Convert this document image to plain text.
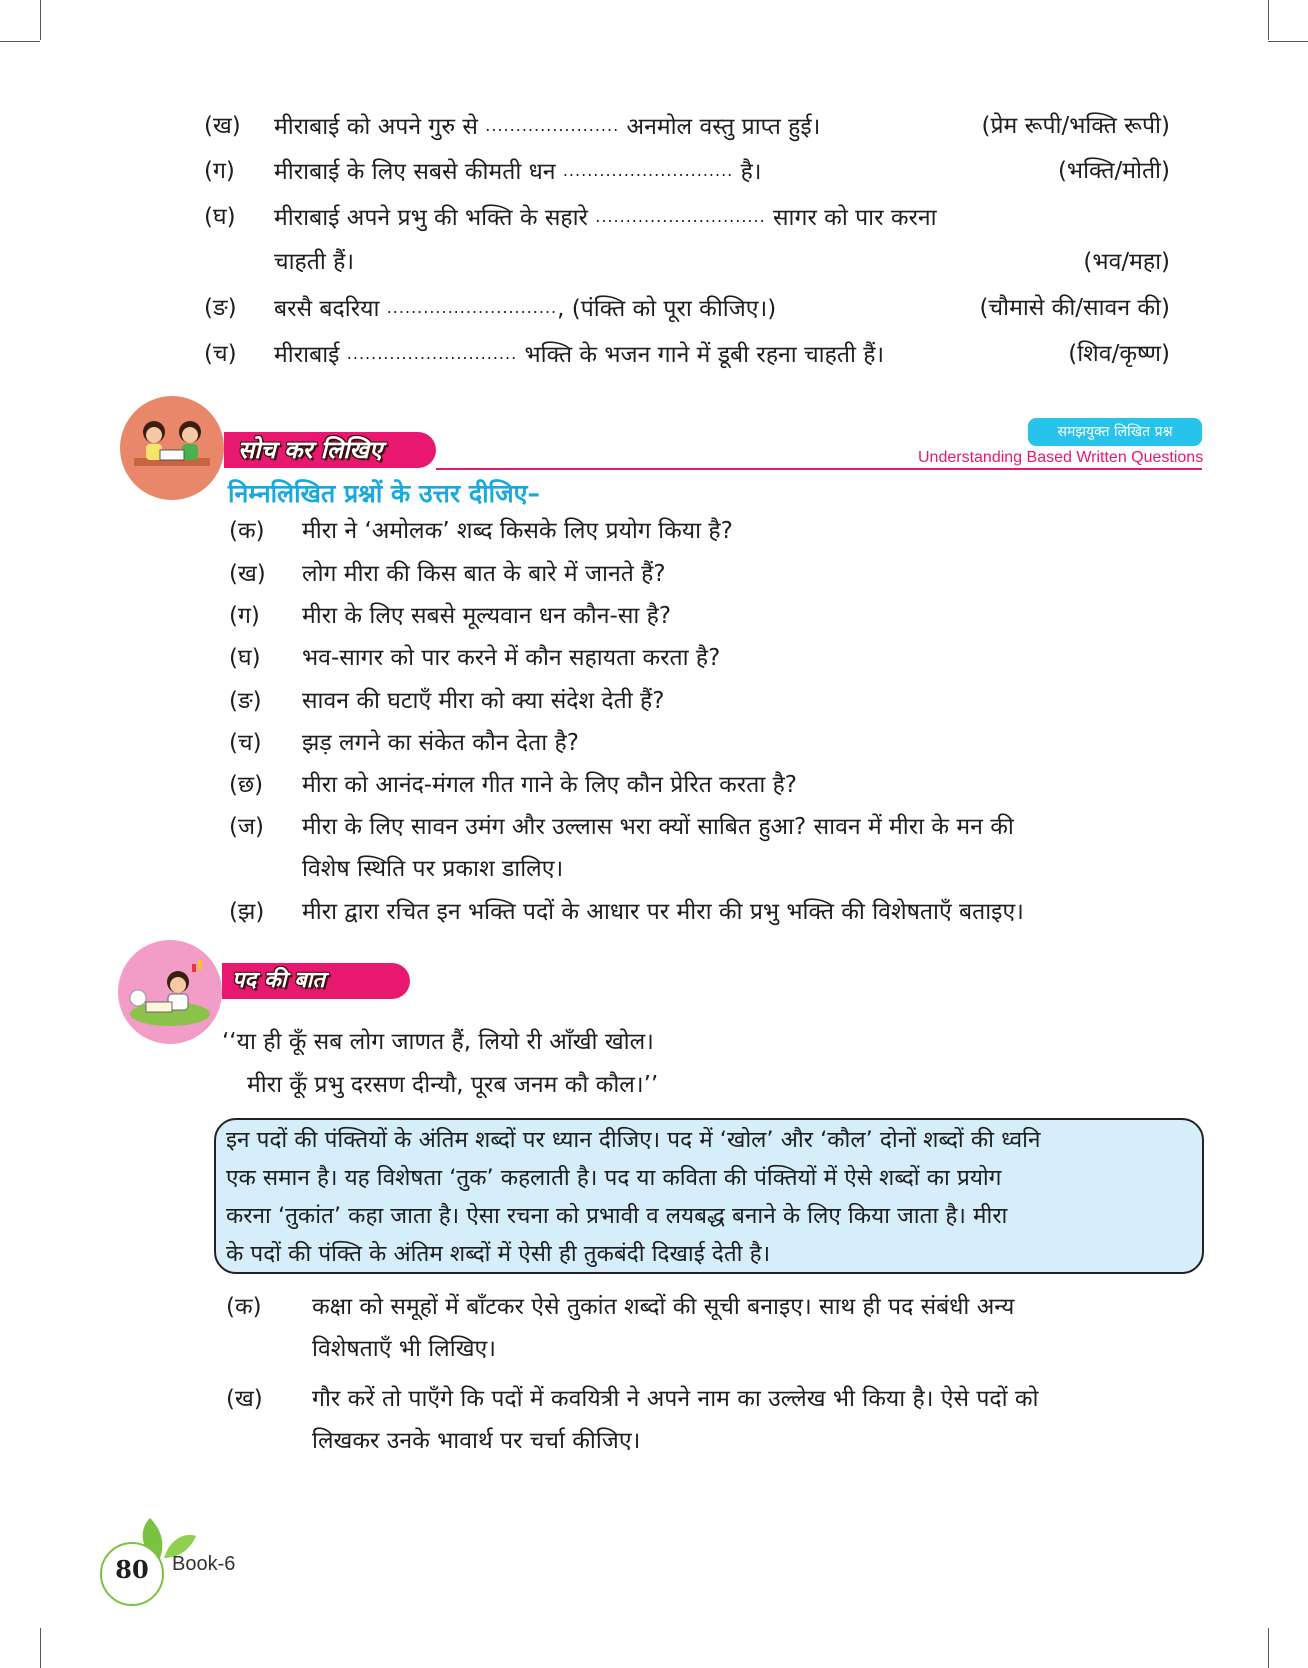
(ख) मीराबाई को अपने गुरु से ...................... अनमोल वस्तु प्राप्त हुई।	(प्रेम रूपी/भक्ति रूपी)
(ग) मीराबाई के लिए सबसे कीमती धन ............................ है।	(भक्ति/मोती)
(घ) मीराबाई अपने प्रभु की भक्ति के सहारे ............................ सागर को पार करना
चाहती हैं।	(भव/महा)
(ङ) बरसै बदरिया ............................, (पंक्ति को पूरा कीजिए।)	(चौमासे की/सावन की)
(च) मीराबाई ............................ भक्ति के भजन गाने में डूबी रहना चाहती हैं।	(शिव/कृष्ण)
सोच कर लिखिए
समझयुक्त लिखित प्रश्न
Understanding Based Written Questions
निम्नलिखित प्रश्नों के उत्तर दीजिए–
(क) मीरा ने ‘अमोलक’ शब्द किसके लिए प्रयोग किया है?
(ख) लोग मीरा की किस बात के बारे में जानते हैं?
(ग) मीरा के लिए सबसे मूल्यवान धन कौन-सा है?
(घ) भव-सागर को पार करने में कौन सहायता करता है?
(ङ) सावन की घटाएँ मीरा को क्या संदेश देती हैं?
(च) झड़ लगने का संकेत कौन देता है?
(छ) मीरा को आनंद-मंगल गीत गाने के लिए कौन प्रेरित करता है?
(ज) मीरा के लिए सावन उमंग और उल्लास भरा क्यों साबित हुआ? सावन में मीरा के मन की
विशेष स्थिति पर प्रकाश डालिए।
(झ) मीरा द्वारा रचित इन भक्ति पदों के आधार पर मीरा की प्रभु भक्ति की विशेषताएँ बताइए।
पद की बात
‘‘या ही कूँ सब लोग जाणत हैं, लियो री आँखी खोल।
मीरा कूँ प्रभु दरसण दीन्यौ, पूरब जनम कौ कौल।’’
इन पदों की पंक्तियों के अंतिम शब्दों पर ध्यान दीजिए। पद में ‘खोल’ और ‘कौल’ दोनों शब्दों की ध्वनि
एक समान है। यह विशेषता ‘तुक’ कहलाती है। पद या कविता की पंक्तियों में ऐसे शब्दों का प्रयोग
करना ‘तुकांत’ कहा जाता है। ऐसा रचना को प्रभावी व लयबद्ध बनाने के लिए किया जाता है। मीरा
के पदों की पंक्ति के अंतिम शब्दों में ऐसी ही तुकबंदी दिखाई देती है।
(क) कक्षा को समूहों में बाँटकर ऐसे तुकांत शब्दों की सूची बनाइए। साथ ही पद संबंधी अन्य
विशेषताएँ भी लिखिए।
(ख) गौर करें तो पाएँगे कि पदों में कवयित्री ने अपने नाम का उल्लेख भी किया है। ऐसे पदों को
लिखकर उनके भावार्थ पर चर्चा कीजिए।
80	Book-6
